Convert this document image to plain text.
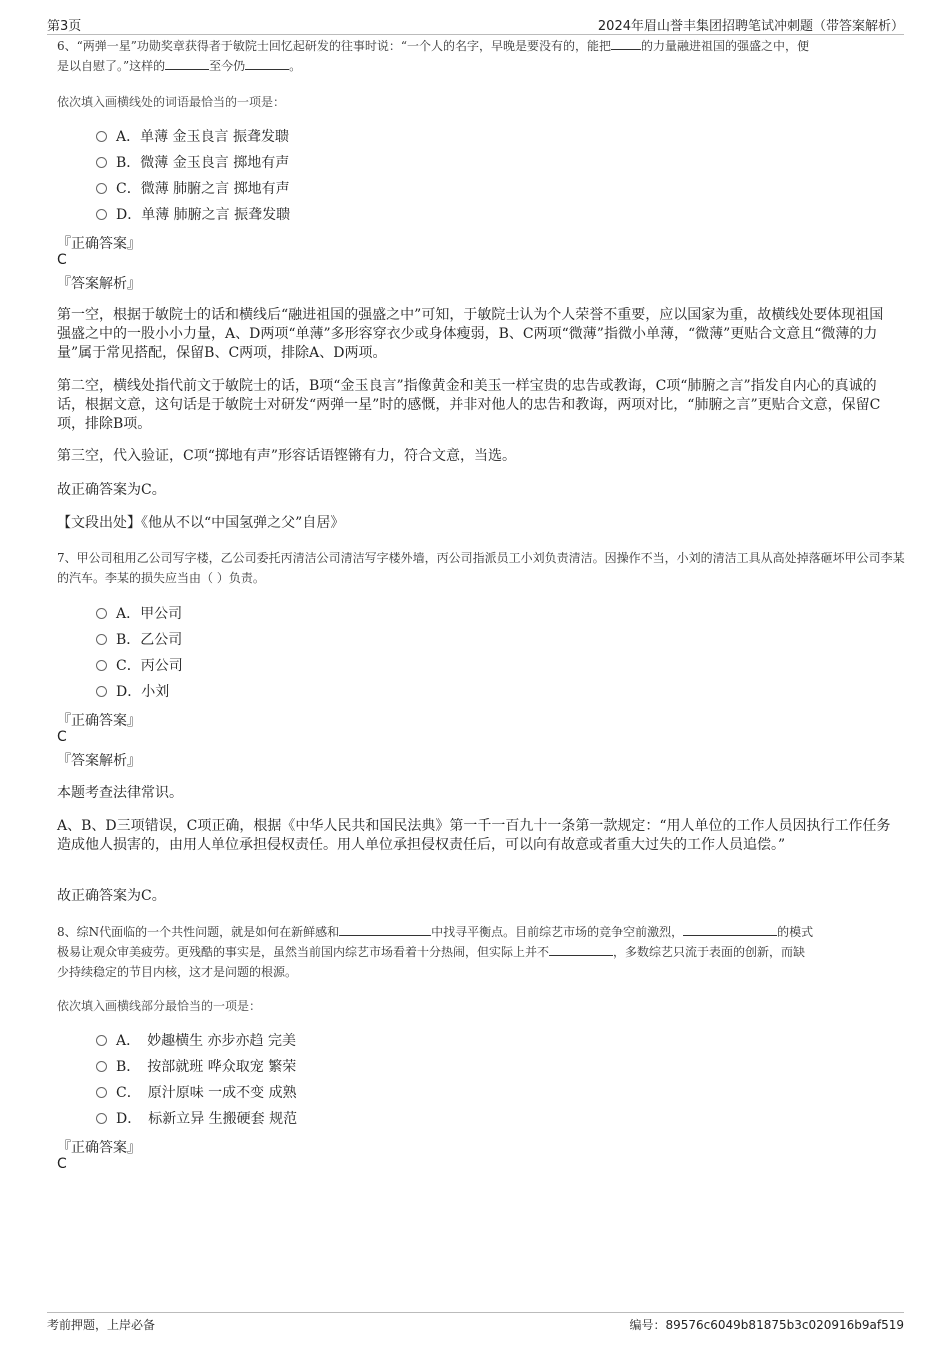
第3页	2024年眉山誉丰集团招聘笔试冲刺题（带答案解析）

6、“两弹一星”功勋奖章获得者于敏院士回忆起研发的往事时说：“一个人的名字，早晚是要没有的，能把	的力量融进祖国的强盛之中，便
是以自慰了。”这样的	至今仍	。

依次填入画横线处的词语最恰当的一项是：
A．单薄 金玉良言 振聋发聩
B．微薄 金玉良言 掷地有声
C．微薄 肺腑之言 掷地有声
D．单薄 肺腑之言 振聋发聩
『正确答案』
C
『答案解析』

第一空，根据于敏院士的话和横线后“融进祖国的强盛之中”可知，于敏院士认为个人荣誉不重要，应以国家为重，故横线处要体现祖国强盛之中的一股小小力量，A、D两项“单薄”多形容穿衣少或身体瘦弱，B、C两项“微薄”指微小单薄，“微薄”更贴合文意且“微薄的力量”属于常见搭配，保留B、C两项，排除A、D两项。

第二空，横线处指代前文于敏院士的话，B项“金玉良言”指像黄金和美玉一样宝贵的忠告或教诲，C项“肺腑之言”指发自内心的真诚的话，根据文意，这句话是于敏院士对研发“两弹一星”时的感慨，并非对他人的忠告和教诲，两项对比，“肺腑之言”更贴合文意，保留C项，排除B项。

第三空，代入验证，C项“掷地有声”形容话语铿锵有力，符合文意，当选。

故正确答案为C。

【文段出处】《他从不以“中国氢弹之父”自居》

7、甲公司租用乙公司写字楼，乙公司委托丙清洁公司清洁写字楼外墙，丙公司指派员工小刘负责清洁。因操作不当，小刘的清洁工具从高处掉落砸坏甲公司李某的汽车。李某的损失应当由（ ）负责。

A．甲公司
B．乙公司
C．丙公司
D．小刘
『正确答案』
C
『答案解析』

本题考查法律常识。

A、B、D三项错误，C项正确，根据《中华人民共和国民法典》第一千一百九十一条第一款规定：“用人单位的工作人员因执行工作任务造成他人损害的，由用人单位承担侵权责任。用人单位承担侵权责任后，可以向有故意或者重大过失的工作人员追偿。”

故正确答案为C。

8、综N代面临的一个共性问题，就是如何在新鲜感和	中找寻平衡点。目前综艺市场的竞争空前激烈，	的模式
极易让观众审美疲劳。更残酷的事实是，虽然当前国内综艺市场看着十分热闹，但实际上并不	，多数综艺只流于表面的创新，而缺
少持续稳定的节目内核，这才是问题的根源。

依次填入画横线部分最恰当的一项是：
A．　妙趣横生 亦步亦趋 完美
B．　按部就班 哗众取宠 繁荣
C．　原汁原味 一成不变 成熟
D．　标新立异 生搬硬套 规范
『正确答案』
C
考前押题，上岸必备	编号：89576c6049b81875b3c020916b9af519
